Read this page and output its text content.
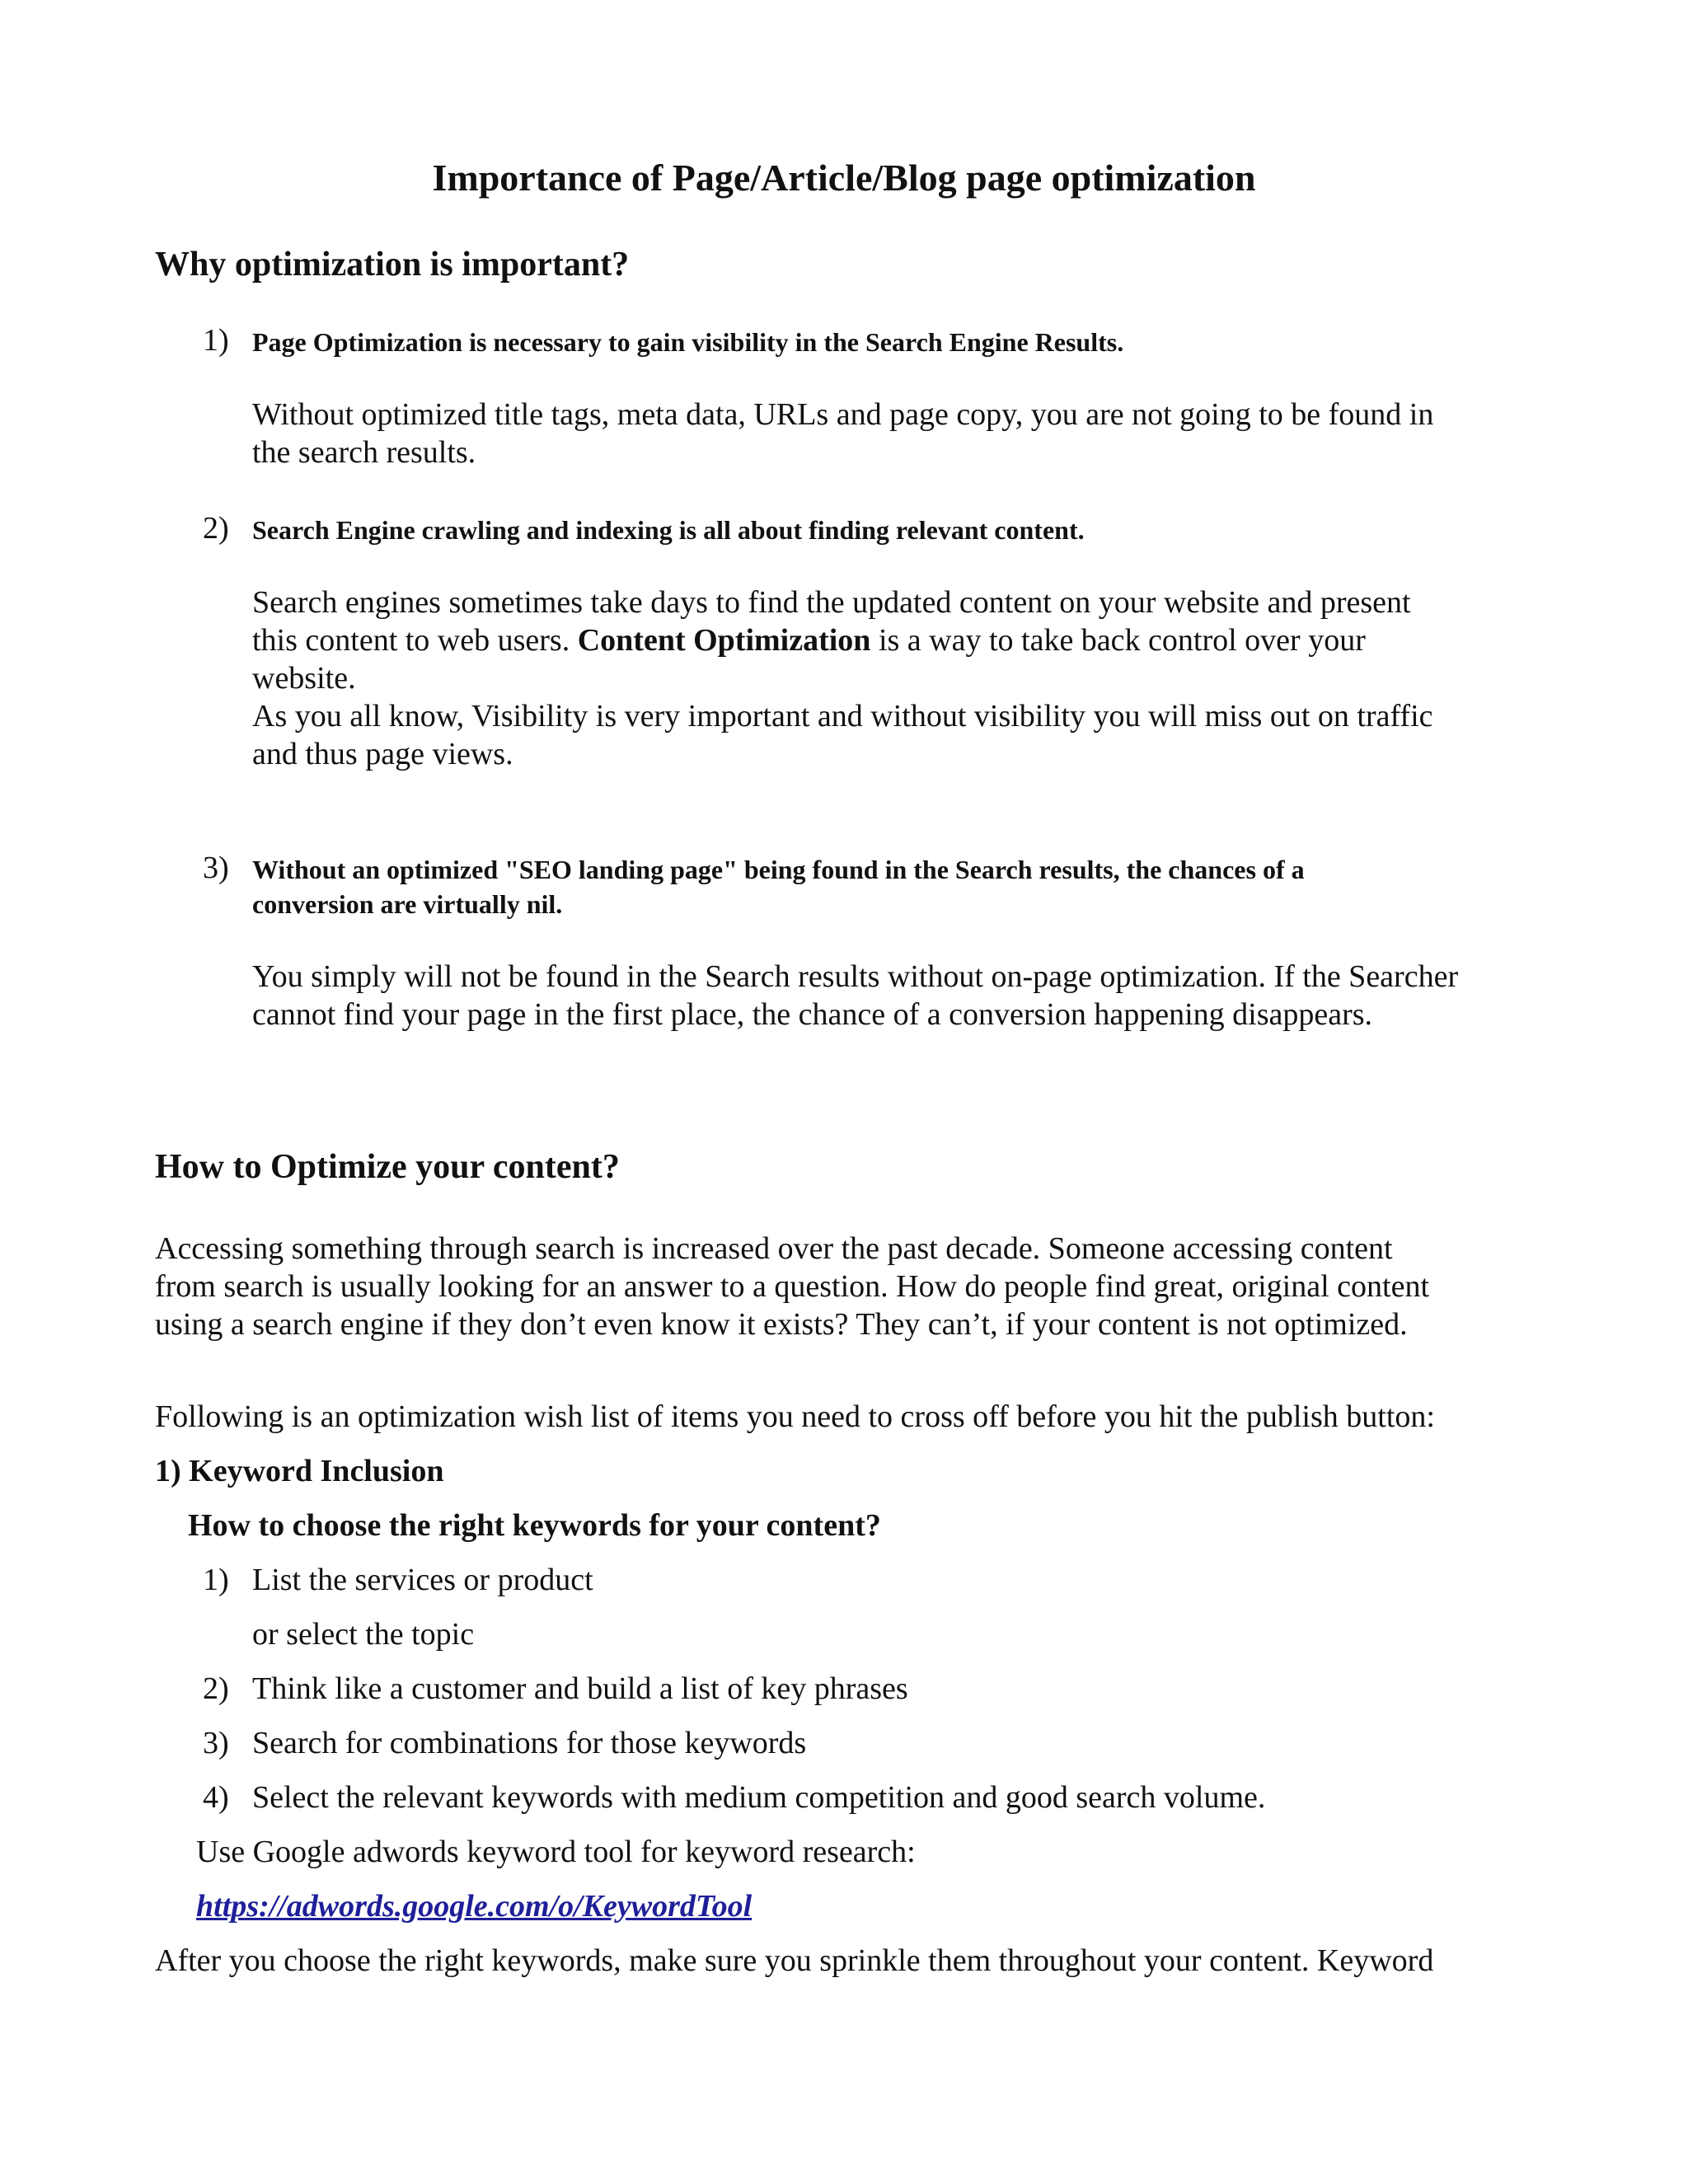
Importance of Page/Article/Blog page optimization
Why optimization is important?
1) Page Optimization is necessary to gain visibility in the Search Engine Results.
Without optimized title tags, meta data, URLs and page copy, you are not going to be found in
the search results.
2) Search Engine crawling and indexing is all about finding relevant content.
Search engines sometimes take days to find the updated content on your website and present
this content to web users. Content Optimization is a way to take back control over your
website.
As you all know, Visibility is very important and without visibility you will miss out on traffic
and thus page views.
3) Without an optimized "SEO landing page" being found in the Search results, the chances of a
conversion are virtually nil.
You simply will not be found in the Search results without on-page optimization. If the Searcher
cannot find your page in the first place, the chance of a conversion happening disappears.
How to Optimize your content?
Accessing something through search is increased over the past decade. Someone accessing content
from search is usually looking for an answer to a question. How do people find great, original content
using a search engine if they don’t even know it exists? They can’t, if your content is not optimized.
Following is an optimization wish list of items you need to cross off before you hit the publish button:
1) Keyword Inclusion
How to choose the right keywords for your content?
1) List the services or product
or select the topic
2) Think like a customer and build a list of key phrases
3) Search for combinations for those keywords
4) Select the relevant keywords with medium competition and good search volume.
Use Google adwords keyword tool for keyword research:
https://adwords.google.com/o/KeywordTool
After you choose the right keywords, make sure you sprinkle them throughout your content. Keyword
